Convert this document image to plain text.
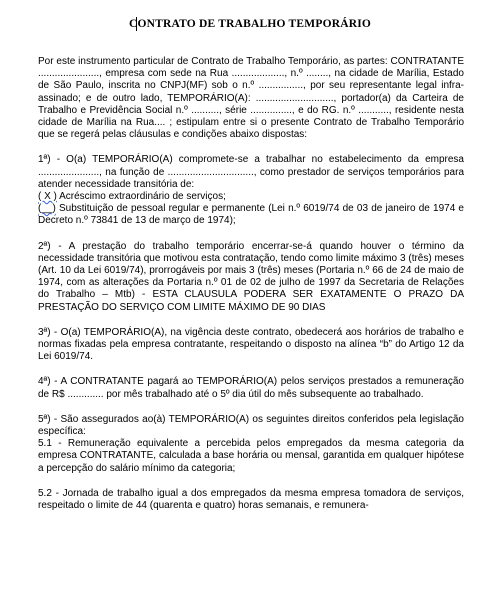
CONTRATO DE TRABALHO TEMPORÁRIO

Por este instrumento particular de Contrato de Trabalho Temporário, as partes: CONTRATANTE ......................, empresa com sede na Rua ..................., n.º ........, na cidade de Marília, Estado de São Paulo, inscrita no CNPJ(MF) sob o n.º ................, por seu representante legal infra-assinado; e de outro lado, TEMPORÁRIO(A): ............................, portador(a) da Carteira de Trabalho e Previdência Social n.º .........., série ..............., e do RG. n.º ..........., residente nesta cidade de Marília na Rua.... ; estipulam entre si o presente Contrato de Trabalho Temporário que se regerá pelas cláusulas e condições abaixo dispostas:

1ª) - O(a) TEMPORÁRIO(A) compromete-se a trabalhar no estabelecimento da empresa ......................, na função de ..............................., como prestador de serviços temporários para atender necessidade transitória de:

( X ) Acréscimo extraordinário de serviços;

(__) Substituição de pessoal regular e permanente (Lei n.º 6019/74 de 03 de janeiro de 1974 e Decreto n.º 73841 de 13 de março de 1974);

2ª) - A prestação do trabalho temporário encerrar-se-á quando houver o término da necessidade transitória que motivou esta contratação, tendo como limite máximo 3 (três) meses (Art. 10 da Lei 6019/74), prorrogáveis por mais 3 (três) meses (Portaria n.º 66 de 24 de maio de 1974, com as alterações da Portaria n.º 01 de 02 de julho de 1997 da Secretaria de Relações do Trabalho – Mtb) - ESTA CLAUSULA PODERA SER EXATAMENTE O PRAZO DA PRESTAÇÃO DO SERVIÇO COM LIMITE MÁXIMO DE 90 DIAS

3ª) - O(a) TEMPORÁRIO(A), na vigência deste contrato, obedecerá aos horários de trabalho e normas fixadas pela empresa contratante, respeitando o disposto na alínea “b” do Artigo 12 da Lei 6019/74.

4ª) - A CONTRATANTE pagará ao TEMPORÁRIO(A) pelos serviços prestados a remuneração de R$ ............. por mês trabalhado até o 5º dia útil do mês subsequente ao trabalhado.

5ª) - São assegurados ao(à) TEMPORÁRIO(A) os seguintes direitos conferidos pela legislação específica:

5.1 - Remuneração equivalente a percebida pelos empregados da mesma categoria da empresa CONTRATANTE, calculada a base horária ou mensal, garantida em qualquer hipótese a percepção do salário mínimo da categoria;

5.2 - Jornada de trabalho igual a dos empregados da mesma empresa tomadora de serviços, respeitado o limite de 44 (quarenta e quatro) horas semanais, e remunera-
